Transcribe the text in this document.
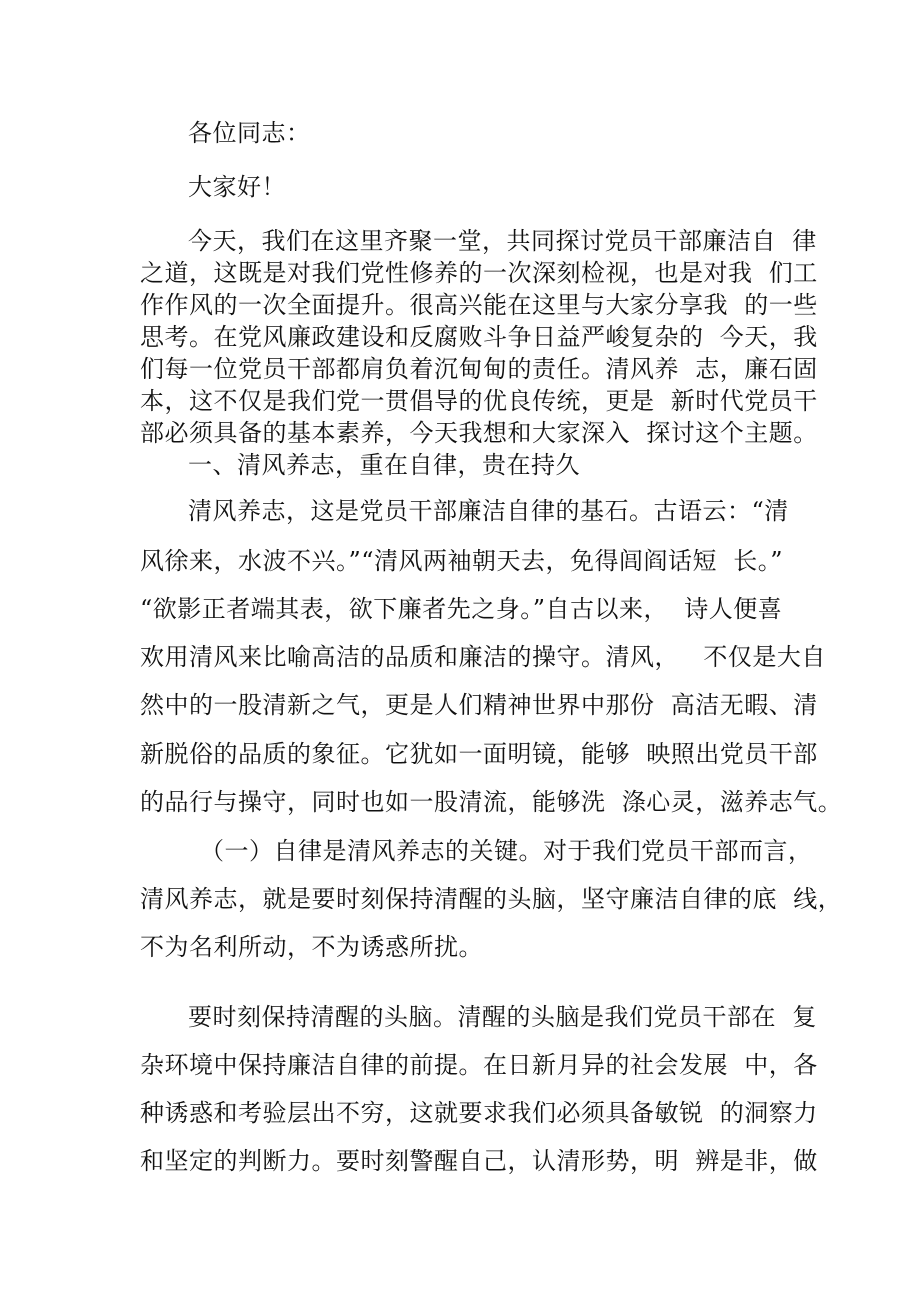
各位同志：
大家好！
今天，我们在这里齐聚一堂，共同探讨党员干部廉洁自  律
之道，这既是对我们党性修养的一次深刻检视，也是对我  们工
作作风的一次全面提升。很高兴能在这里与大家分享我  的一些
思考。在党风廉政建设和反腐败斗争日益严峻复杂的  今天，我
们每一位党员干部都肩负着沉甸甸的责任。清风养  志，廉石固
本，这不仅是我们党一贯倡导的优良传统，更是  新时代党员干
部必须具备的基本素养，今天我想和大家深入  探讨这个主题。
一、清风养志，重在自律，贵在持久
清风养志，这是党员干部廉洁自律的基石。古语云：“清
风徐来，水波不兴。”“清风两袖朝天去，免得闾阎话短  长。”
“欲影正者端其表，欲下廉者先之身。”自古以来，  诗人便喜
欢用清风来比喻高洁的品质和廉洁的操守。清风，   不仅是大自
然中的一股清新之气，更是人们精神世界中那份  高洁无暇、清
新脱俗的品质的象征。它犹如一面明镜，能够  映照出党员干部
的品行与操守，同时也如一股清流，能够洗  涤心灵，滋养志气。
（一）自律是清风养志的关键。对于我们党员干部而言，
清风养志，就是要时刻保持清醒的头脑，坚守廉洁自律的底  线，
不为名利所动，不为诱惑所扰。
要时刻保持清醒的头脑。清醒的头脑是我们党员干部在  复
杂环境中保持廉洁自律的前提。在日新月异的社会发展  中，各
种诱惑和考验层出不穷，这就要求我们必须具备敏锐  的洞察力
和坚定的判断力。要时刻警醒自己，认清形势，明  辨是非，做
